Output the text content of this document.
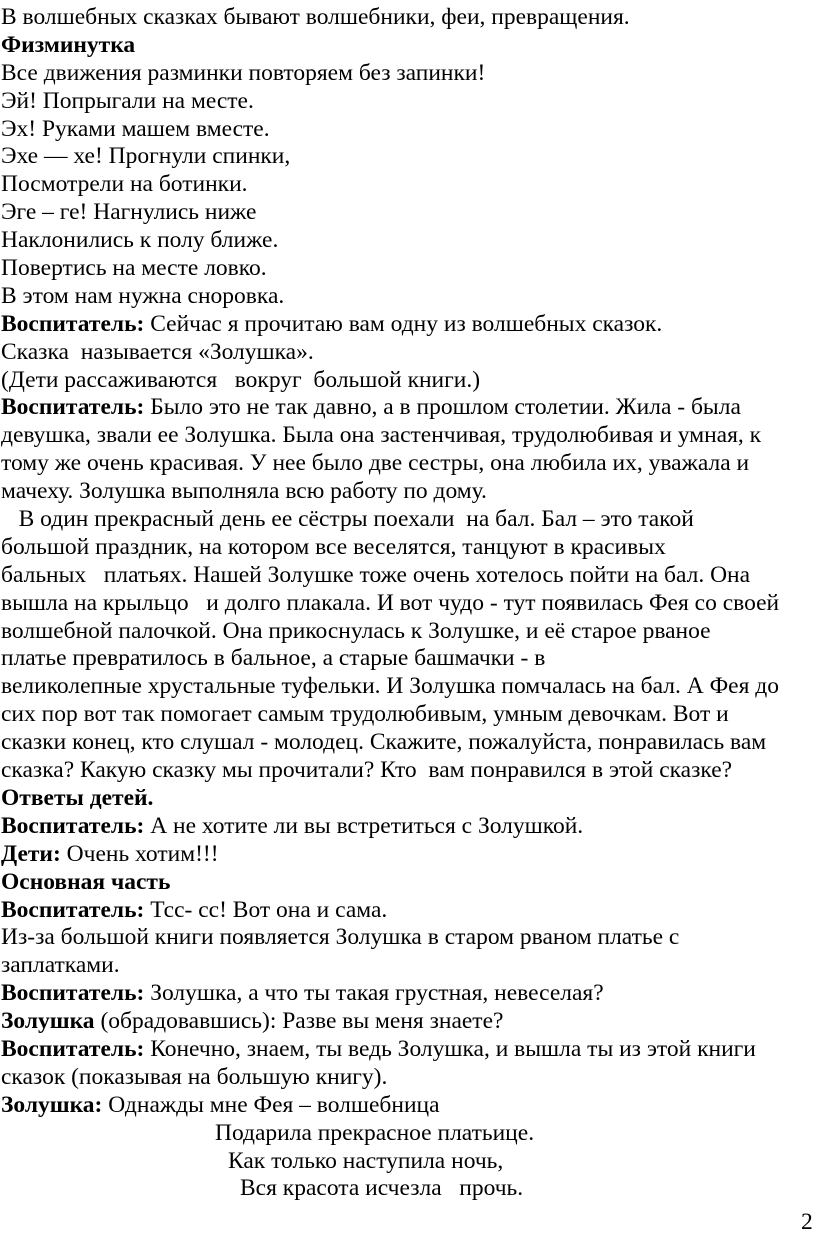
В волшебных сказках бывают волшебники, феи, превращения.
Физминутка
Все движения разминки повторяем без запинки!
Эй! Попрыгали на месте.
Эх! Руками машем вместе.
Эхе — хе! Прогнули спинки,
Посмотрели на ботинки.
Эге – ге! Нагнулись ниже
Наклонились к полу ближе.
Повертись на месте ловко.
В этом нам нужна сноровка.
Воспитатель: Сейчас я прочитаю вам одну из волшебных сказок.
Сказка  называется «Золушка».
(Дети рассаживаются   вокруг  большой книги.)
Воспитатель: Было это не так давно, а в прошлом столетии. Жила - была
девушка, звали ее Золушка. Была она застенчивая, трудолюбивая и умная, к
тому же очень красивая. У нее было две сестры, она любила их, уважала и
мачеху. Золушка выполняла всю работу по дому.
В один прекрасный день ее сёстры поехали  на бал. Бал – это такой
большой праздник, на котором все веселятся, танцуют в красивых
бальных   платьях. Нашей Золушке тоже очень хотелось пойти на бал. Она
вышла на крыльцо   и долго плакала. И вот чудо - тут появилась Фея со своей
волшебной палочкой. Она прикоснулась к Золушке, и её старое рваное
платье превратилось в бальное, а старые башмачки - в
великолепные хрустальные туфельки. И Золушка помчалась на бал. А Фея до
сих пор вот так помогает самым трудолюбивым, умным девочкам. Вот и
сказки конец, кто слушал - молодец. Скажите, пожалуйста, понравилась вам
сказка? Какую сказку мы прочитали? Кто  вам понравился в этой сказке?
Ответы детей.
Воспитатель: А не хотите ли вы встретиться с Золушкой.
Дети: Очень хотим!!!
Основная часть
Воспитатель: Тсс- сс! Вот она и сама.
Из-за большой книги появляется Золушка в старом рваном платье с
заплатками.
Воспитатель: Золушка, а что ты такая грустная, невеселая?
Золушка (обрадовавшись): Разве вы меня знаете?
Воспитатель: Конечно, знаем, ты ведь Золушка, и вышла ты из этой книги
сказок (показывая на большую книгу).
Золушка: Однажды мне Фея – волшебница
Подарила прекрасное платьице.
Как только наступила ночь,
Вся красота исчезла   прочь.
2
